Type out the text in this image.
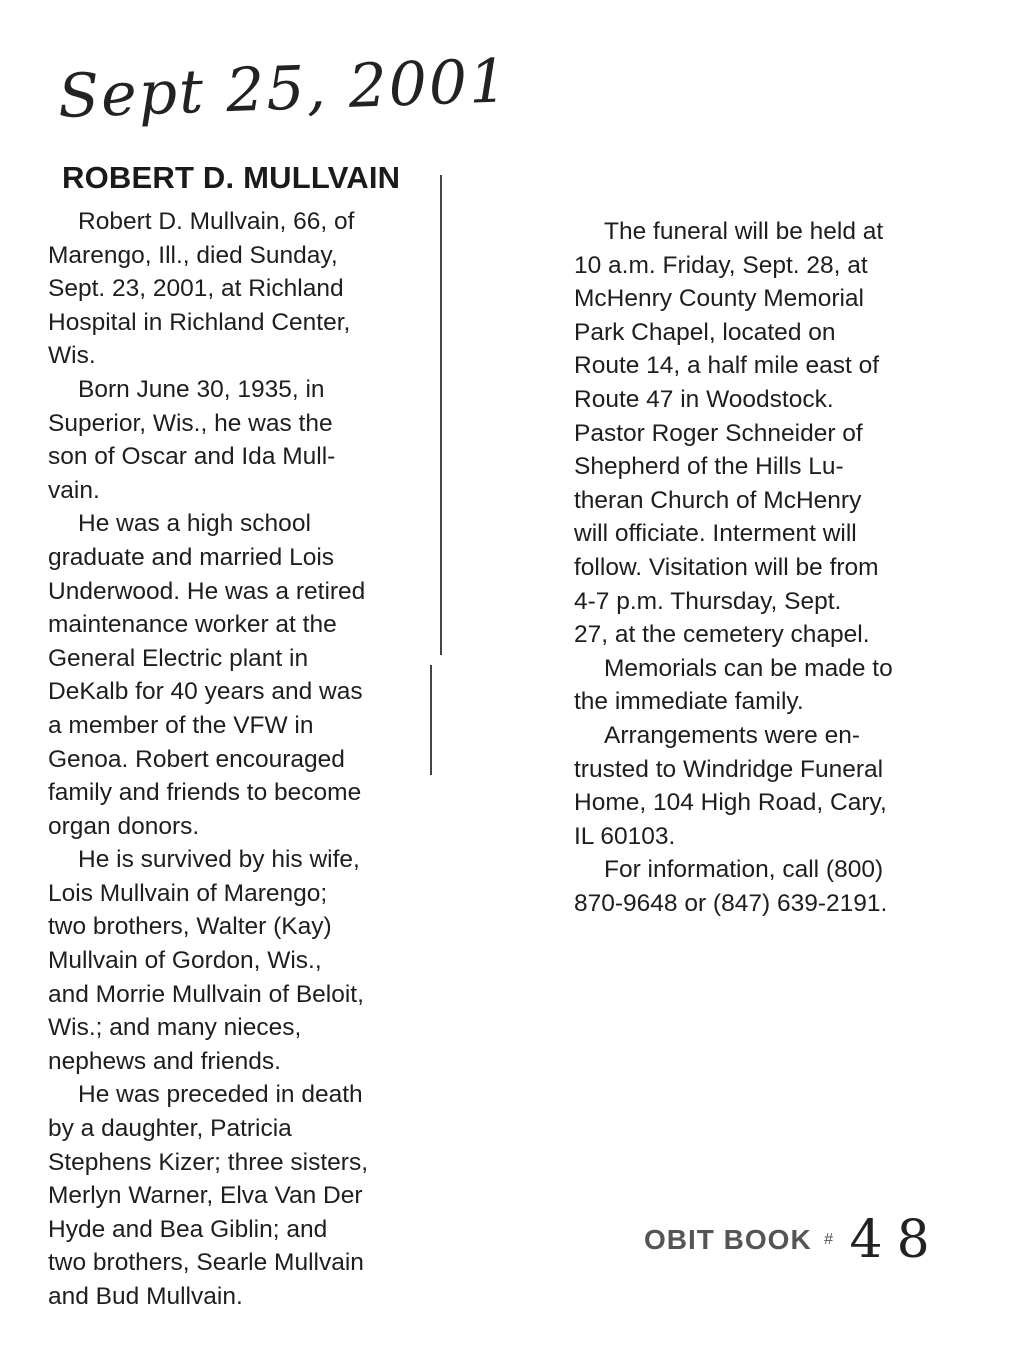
Sept 25, 2001
ROBERT D. MULLVAIN

Robert D. Mullvain, 66, of
Marengo, Ill., died Sunday,
Sept. 23, 2001, at Richland
Hospital in Richland Center,
Wis.

Born June 30, 1935, in
Superior, Wis., he was the
son of Oscar and Ida Mull-
vain.

He was a high school
graduate and married Lois
Underwood. He was a retired
maintenance worker at the
General Electric plant in
DeKalb for 40 years and was
a member of the VFW in
Genoa. Robert encouraged
family and friends to become
organ donors.

He is survived by his wife,
Lois Mullvain of Marengo;
two brothers, Walter (Kay)
Mullvain of Gordon, Wis.,
and Morrie Mullvain of Beloit,
Wis.; and many nieces,
nephews and friends.

He was preceded in death
by a daughter, Patricia
Stephens Kizer; three sisters,
Merlyn Warner, Elva Van Der
Hyde and Bea Giblin; and
two brothers, Searle Mullvain
and Bud Mullvain.

The funeral will be held at
10 a.m. Friday, Sept. 28, at
McHenry County Memorial
Park Chapel, located on
Route 14, a half mile east of
Route 47 in Woodstock.
Pastor Roger Schneider of
Shepherd of the Hills Lu-
theran Church of McHenry
will officiate. Interment will
follow. Visitation will be from
4-7 p.m. Thursday, Sept.
27, at the cemetery chapel.

Memorials can be made to
the immediate family.

Arrangements were en-
trusted to Windridge Funeral
Home, 104 High Road, Cary,
IL 60103.

For information, call (800)
870-9648 or (847) 639-2191.

OBIT BOOK # 48
